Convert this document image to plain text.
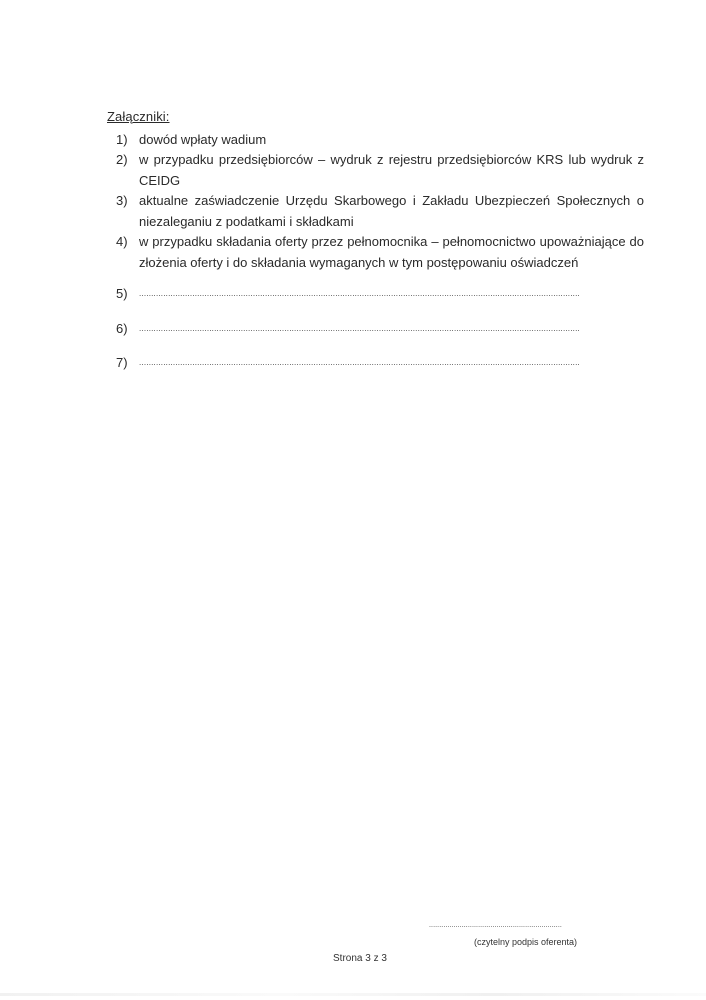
Załączniki:
1) dowód wpłaty wadium
2) w przypadku przedsiębiorców – wydruk z rejestru przedsiębiorców KRS lub wydruk z CEIDG
3) aktualne zaświadczenie Urzędu Skarbowego i Zakładu Ubezpieczeń Społecznych o niezaleganiu z podatkami i składkami
4) w przypadku składania oferty przez pełnomocnika – pełnomocnictwo upoważniające do złożenia oferty i do składania wymaganych w tym postępowaniu oświadczeń
5)	......................................................................................................................................................................................
6)	......................................................................................................................................................................................
7)	......................................................................................................................................................................................
.................................................................
(czytelny podpis oferenta)
Strona 3 z 3
